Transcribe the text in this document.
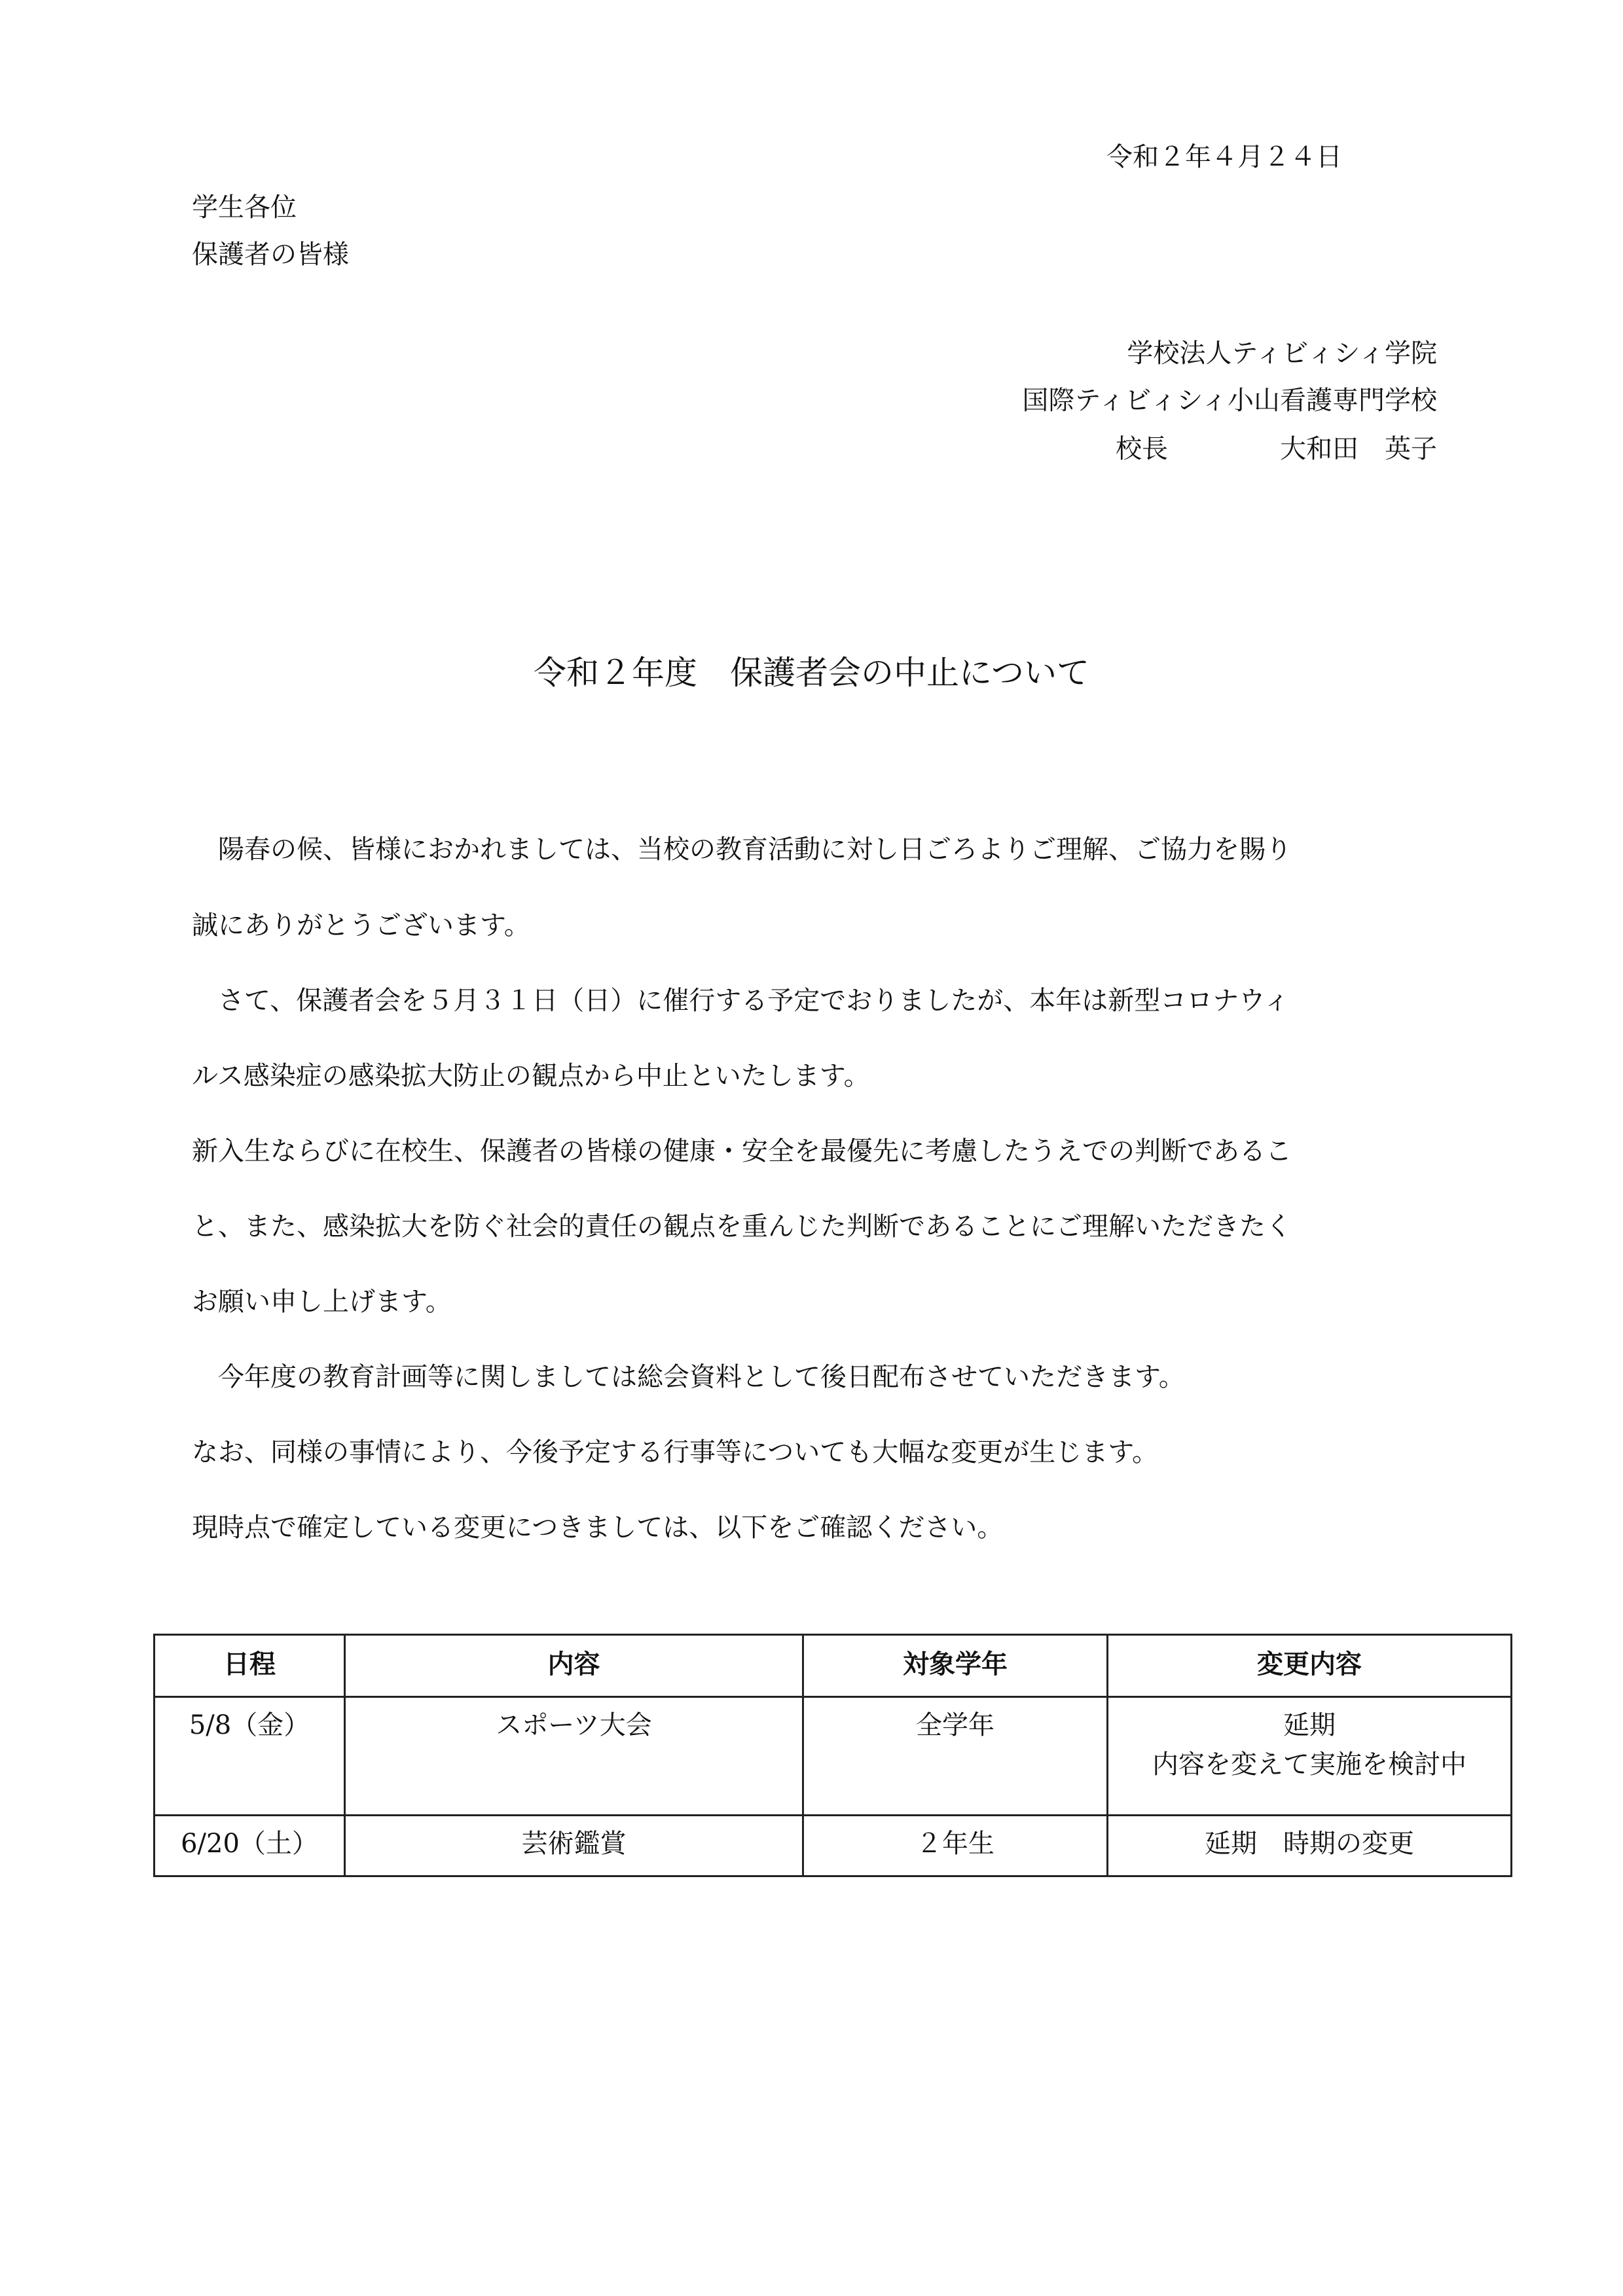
令和２年４月２４日
学生各位
保護者の皆様
学校法人ティビィシィ学院
国際ティビィシィ小山看護専門学校
校長	大和田　英子
令和２年度　保護者会の中止について
陽春の候、皆様におかれましては、当校の教育活動に対し日ごろよりご理解、ご協力を賜り
誠にありがとうございます。
さて、保護者会を５月３１日（日）に催行する予定でおりましたが、本年は新型コロナウィ
ルス感染症の感染拡大防止の観点から中止といたします。
新入生ならびに在校生、保護者の皆様の健康・安全を最優先に考慮したうえでの判断であるこ
と、また、感染拡大を防ぐ社会的責任の観点を重んじた判断であることにご理解いただきたく
お願い申し上げます。
今年度の教育計画等に関しましては総会資料として後日配布させていただきます。
なお、同様の事情により、今後予定する行事等についても大幅な変更が生じます。
現時点で確定している変更につきましては、以下をご確認ください。
日程	内容	対象学年	変更内容
5/8（金）	スポーツ大会	全学年	延期
内容を変えて実施を検討中

6/20（土）	芸術鑑賞	２年生	延期　時期の変更
